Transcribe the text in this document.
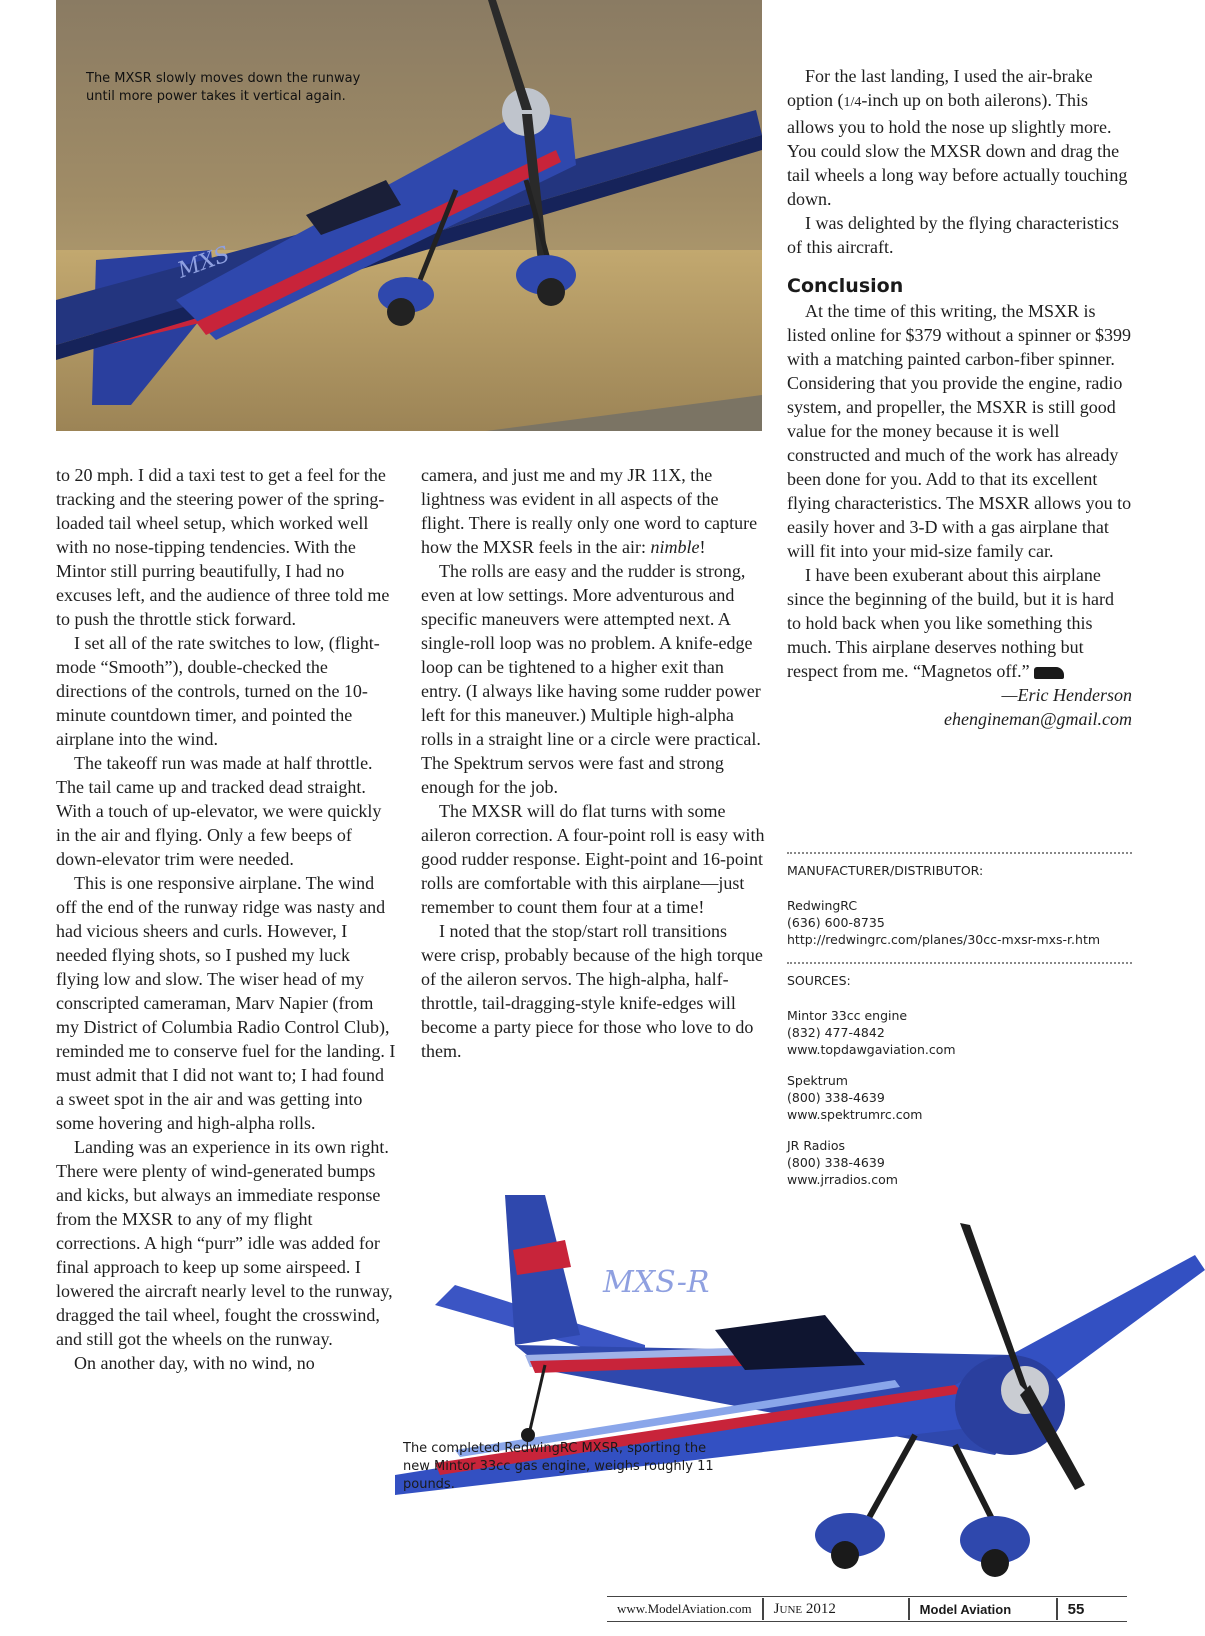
MXS
The MXSR slowly moves down the runway
until more power takes it vertical again.

to 20 mph. I did a taxi test to get a feel for the tracking and the steering power of the spring-loaded tail wheel setup, which worked well with no nose-tipping tendencies. With the Mintor still purring beautifully, I had no excuses left, and the audience of three told me to push the throttle stick forward.

I set all of the rate switches to low, (flight-mode “Smooth”), double-checked the directions of the controls, turned on the 10-minute countdown timer, and pointed the airplane into the wind.

The takeoff run was made at half throttle. The tail came up and tracked dead straight. With a touch of up-elevator, we were quickly in the air and flying. Only a few beeps of down-elevator trim were needed.

This is one responsive airplane. The wind off the end of the runway ridge was nasty and had vicious sheers and curls. However, I needed flying shots, so I pushed my luck flying low and slow. The wiser head of my conscripted cameraman, Marv Napier (from my District of Columbia Radio Control Club), reminded me to conserve fuel for the landing. I must admit that I did not want to; I had found a sweet spot in the air and was getting into some hovering and high-alpha rolls.

Landing was an experience in its own right. There were plenty of wind-generated bumps and kicks, but always an immediate response from the MXSR to any of my flight corrections. A high “purr” idle was added for final approach to keep up some airspeed. I lowered the aircraft nearly level to the runway, dragged the tail wheel, fought the crosswind, and still got the wheels on the runway.

On another day, with no wind, no

camera, and just me and my JR 11X, the lightness was evident in all aspects of the flight. There is really only one word to capture how the MXSR feels in the air: nimble!

The rolls are easy and the rudder is strong, even at low settings. More adventurous and specific maneuvers were attempted next. A single-roll loop was no problem. A knife-edge loop can be tightened to a higher exit than entry. (I always like having some rudder power left for this maneuver.) Multiple high-alpha rolls in a straight line or a circle were practical. The Spektrum servos were fast and strong enough for the job.

The MXSR will do flat turns with some aileron correction. A four-point roll is easy with good rudder response. Eight-point and 16-point rolls are comfortable with this airplane—just remember to count them four at a time!

I noted that the stop/start roll transitions were crisp, probably because of the high torque of the aileron servos. The high-alpha, half-throttle, tail-dragging-style knife-edges will become a party piece for those who love to do them.

For the last landing, I used the air-brake option (1/4-inch up on both ailerons). This allows you to hold the nose up slightly more. You could slow the MXSR down and drag the tail wheels a long way before actually touching down.

I was delighted by the flying characteristics of this aircraft.

Conclusion

At the time of this writing, the MSXR is listed online for $379 without a spinner or $399 with a matching painted carbon-fiber spinner. Considering that you provide the engine, radio system, and propeller, the MSXR is still good value for the money because it is well constructed and much of the work has already been done for you. Add to that its excellent flying characteristics. The MSXR allows you to easily hover and 3-D with a gas airplane that will fit into your mid-size family car.

I have been exuberant about this airplane since the beginning of the build, but it is hard to hold back when you like something this much. This airplane deserves nothing but respect from me. “Magnetos off.”

—Eric Henderson

ehengineman@gmail.com

MANUFACTURER/DISTRIBUTOR:
RedwingRC
(636) 600-8735
http://redwingrc.com/planes/30cc-mxsr-mxs-r.htm
SOURCES:
Mintor 33cc engine
(832) 477-4842
www.topdawgaviation.com
Spektrum
(800) 338-4639
www.spektrumrc.com
JR Radios
(800) 338-4639
www.jrradios.com
MXS-R
The completed RedwingRC MXSR, sporting the
new Mintor 33cc gas engine, weighs roughly 11
pounds.
www.ModelAviation.com	June 2012	Model Aviation	55
